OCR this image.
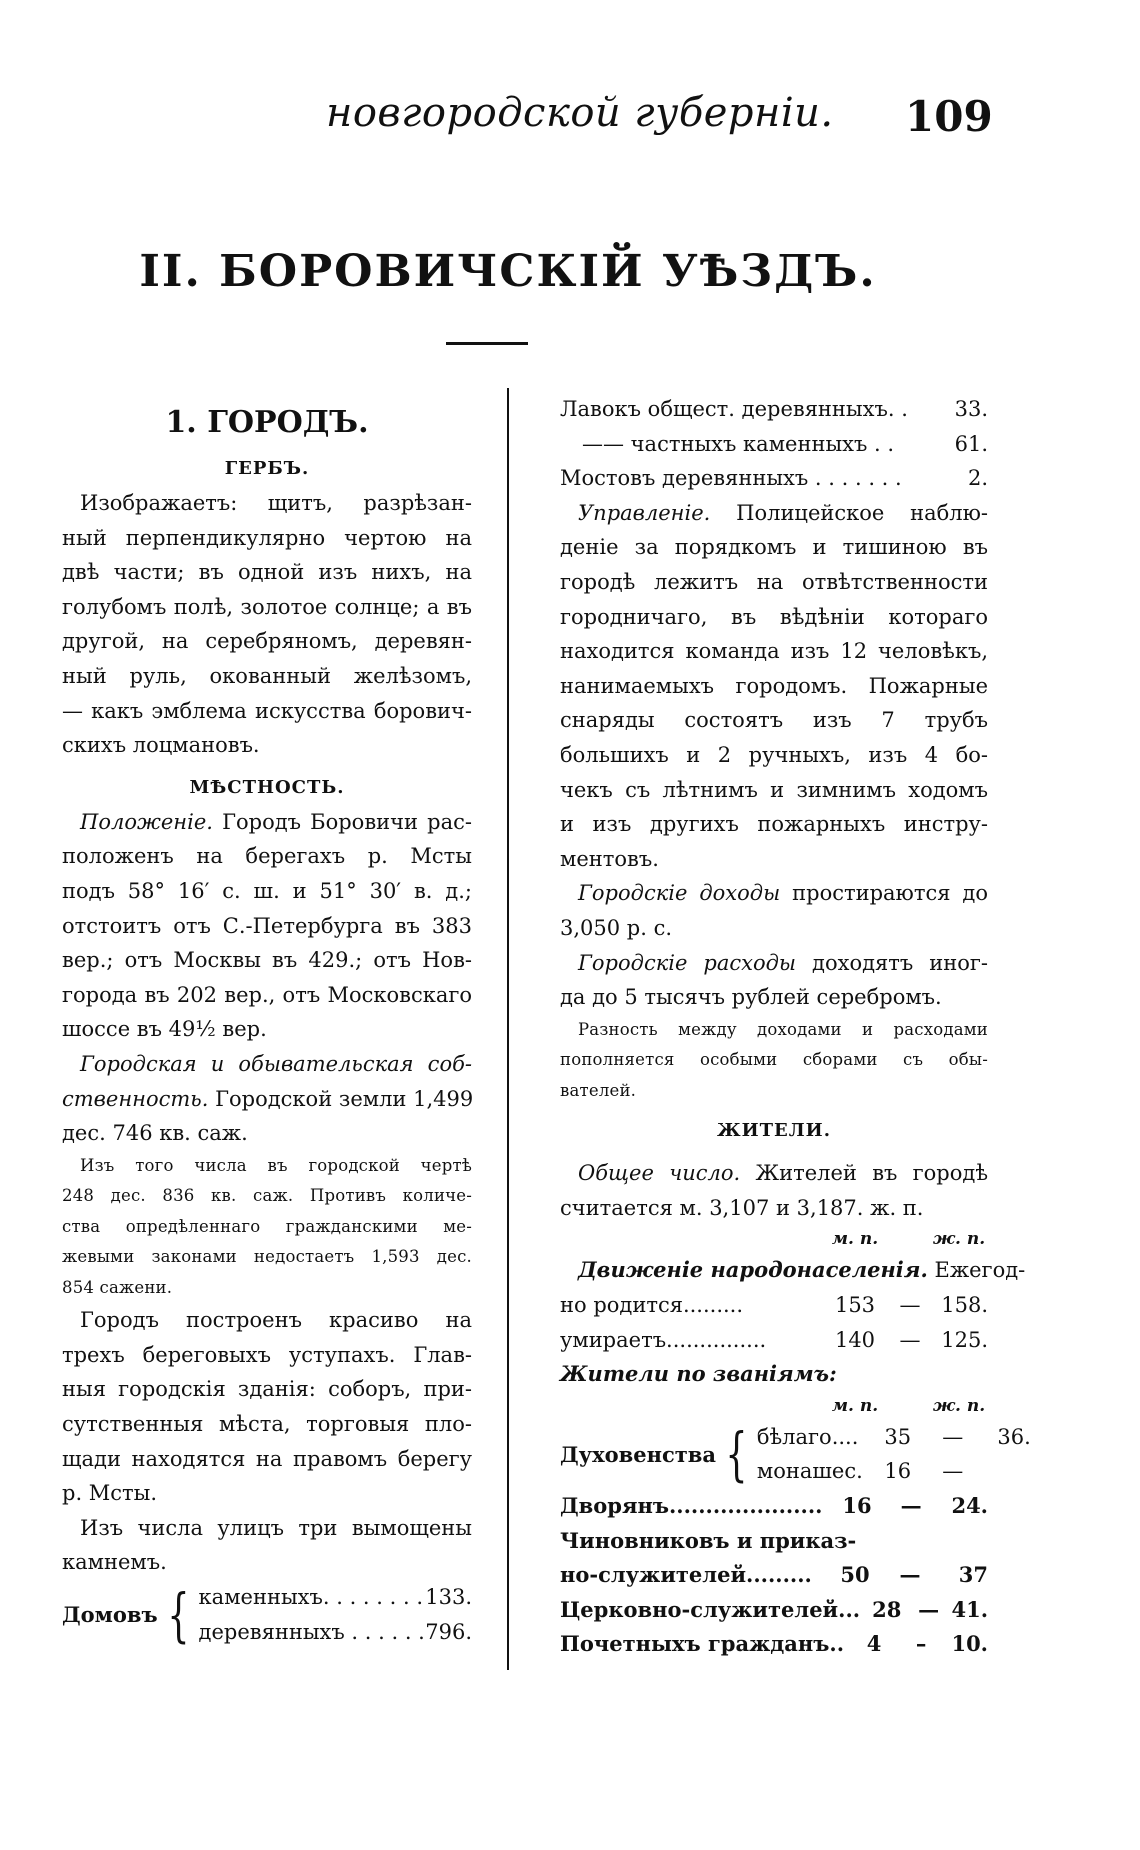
новгородской губерніи. 109
II. БОРОВИЧСКІЙ УѢЗДЪ.
1. ГОРОДЪ.
ГЕРБЪ.
Изображаетъ: щитъ, разрѣзан-
ный перпендикулярно чертою на
двѣ части; въ одной изъ нихъ, на
голубомъ полѣ, золотое солнце; а въ
другой, на серебряномъ, деревян-
ный руль, окованный желѣзомъ,
— какъ эмблема искусства борович-
скихъ лоцмановъ.
МѢСТНОСТЬ.
Положеніе. Городъ Боровичи рас-
положенъ на берегахъ р. Мсты
подъ 58° 16′ с. ш. и 51° 30′ в. д.;
отстоитъ отъ С.-Петербурга въ 383
вер.; отъ Москвы въ 429.; отъ Нов-
города въ 202 вер., отъ Московскаго
шоссе въ 49½ вер.
Городская и обывательская соб-
ственность. Городской земли 1,499
дес. 746 кв. саж.
Изъ того числа въ городской чертѣ
248 дес. 836 кв. саж. Противъ количе-
ства опредѣленнаго гражданскими ме-
жевыми законами недостаетъ 1,593 дес.
854 сажени.
Городъ построенъ красиво на
трехъ береговыхъ уступахъ. Глав-
ныя городскія зданія: соборъ, при-
сутственныя мѣста, торговыя пло-
щади находятся на правомъ берегу
р. Мсты.
Изъ числа улицъ три вымощены
камнемъ.
Домовъ { каменныхъ. . . . . . . . 133.
деревянныхъ . . . . . . 796.
Лавокъ общест. деревянныхъ. .	33.
—— частныхъ каменныхъ . .	61.
Мостовъ деревянныхъ . . . . . . .	2.
Управленіе. Полицейское наблю-
деніе за порядкомъ и тишиною въ
городѣ лежитъ на отвѣтственности
городничаго, въ вѣдѣніи котораго
находится команда изъ 12 человѣкъ,
нанимаемыхъ городомъ. Пожарные
снаряды состоятъ изъ 7 трубъ
большихъ и 2 ручныхъ, изъ 4 бо-
чекъ съ лѣтнимъ и зимнимъ ходомъ
и изъ другихъ пожарныхъ инстру-
ментовъ.
Городскіе доходы простираются до
3,050 р. с.
Городскіе расходы доходятъ иног-
да до 5 тысячъ рублей серебромъ.
Разность между доходами и расходами
пополняется особыми сборами съ обы-
вателей.
ЖИТЕЛИ.
Общее число. Жителей въ городѣ
считается м. 3,107 и 3,187. ж. п.
м. п.	ж. п.
Движеніе народонаселенія. Ежегод-
но родится.........	153	— 158.
умираетъ...............	140	— 125.
Жители по званіямъ:
м. п.	ж. п.
Духовенства { бѣлаго....	35	—	36.
монашес.	16	—
Дворянъ..................... 16	—	24.
Чиновниковъ и приказ-
но-служителей.........	50	—	37
Церковно-служителей... 28 — 41.
Почетныхъ гражданъ..	4	–	10.
